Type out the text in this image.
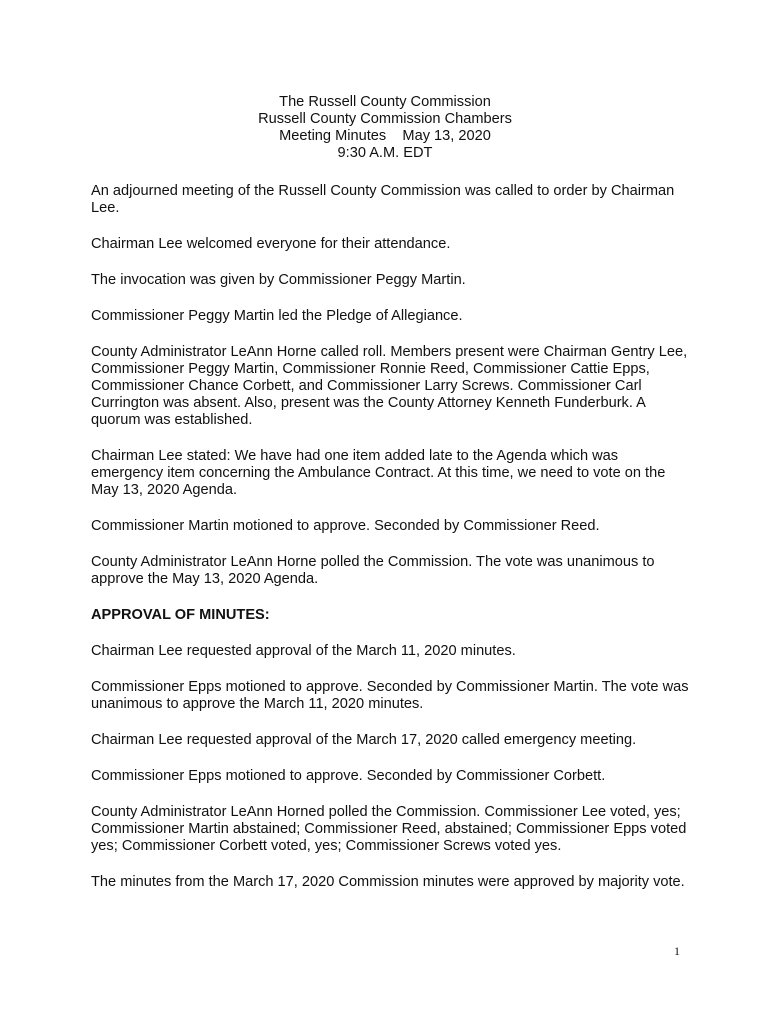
The Russell County Commission
Russell County Commission Chambers
Meeting Minutes    May 13, 2020
9:30 A.M. EDT

An adjourned meeting of the Russell County Commission was called to order by Chairman Lee.

Chairman Lee welcomed everyone for their attendance.

The invocation was given by Commissioner Peggy Martin.

Commissioner Peggy Martin led the Pledge of Allegiance.

County Administrator LeAnn Horne called roll. Members present were Chairman Gentry Lee, Commissioner Peggy Martin, Commissioner Ronnie Reed, Commissioner Cattie Epps, Commissioner Chance Corbett, and Commissioner Larry Screws. Commissioner Carl Currington was absent. Also, present was the County Attorney Kenneth Funderburk. A quorum was established.

Chairman Lee stated: We have had one item added late to the Agenda which was emergency item concerning the Ambulance Contract. At this time, we need to vote on the May 13, 2020 Agenda.

Commissioner Martin motioned to approve. Seconded by Commissioner Reed.

County Administrator LeAnn Horne polled the Commission. The vote was unanimous to approve the May 13, 2020 Agenda.

APPROVAL OF MINUTES:

Chairman Lee requested approval of the March 11, 2020 minutes.

Commissioner Epps motioned to approve. Seconded by Commissioner Martin. The vote was unanimous to approve the March 11, 2020 minutes.

Chairman Lee requested approval of the March 17, 2020 called emergency meeting.

Commissioner Epps motioned to approve. Seconded by Commissioner Corbett.

County Administrator LeAnn Horned polled the Commission. Commissioner Lee voted, yes; Commissioner Martin abstained; Commissioner Reed, abstained; Commissioner Epps voted yes; Commissioner Corbett voted, yes; Commissioner Screws voted yes.

The minutes from the March 17, 2020 Commission minutes were approved by majority vote.

1
